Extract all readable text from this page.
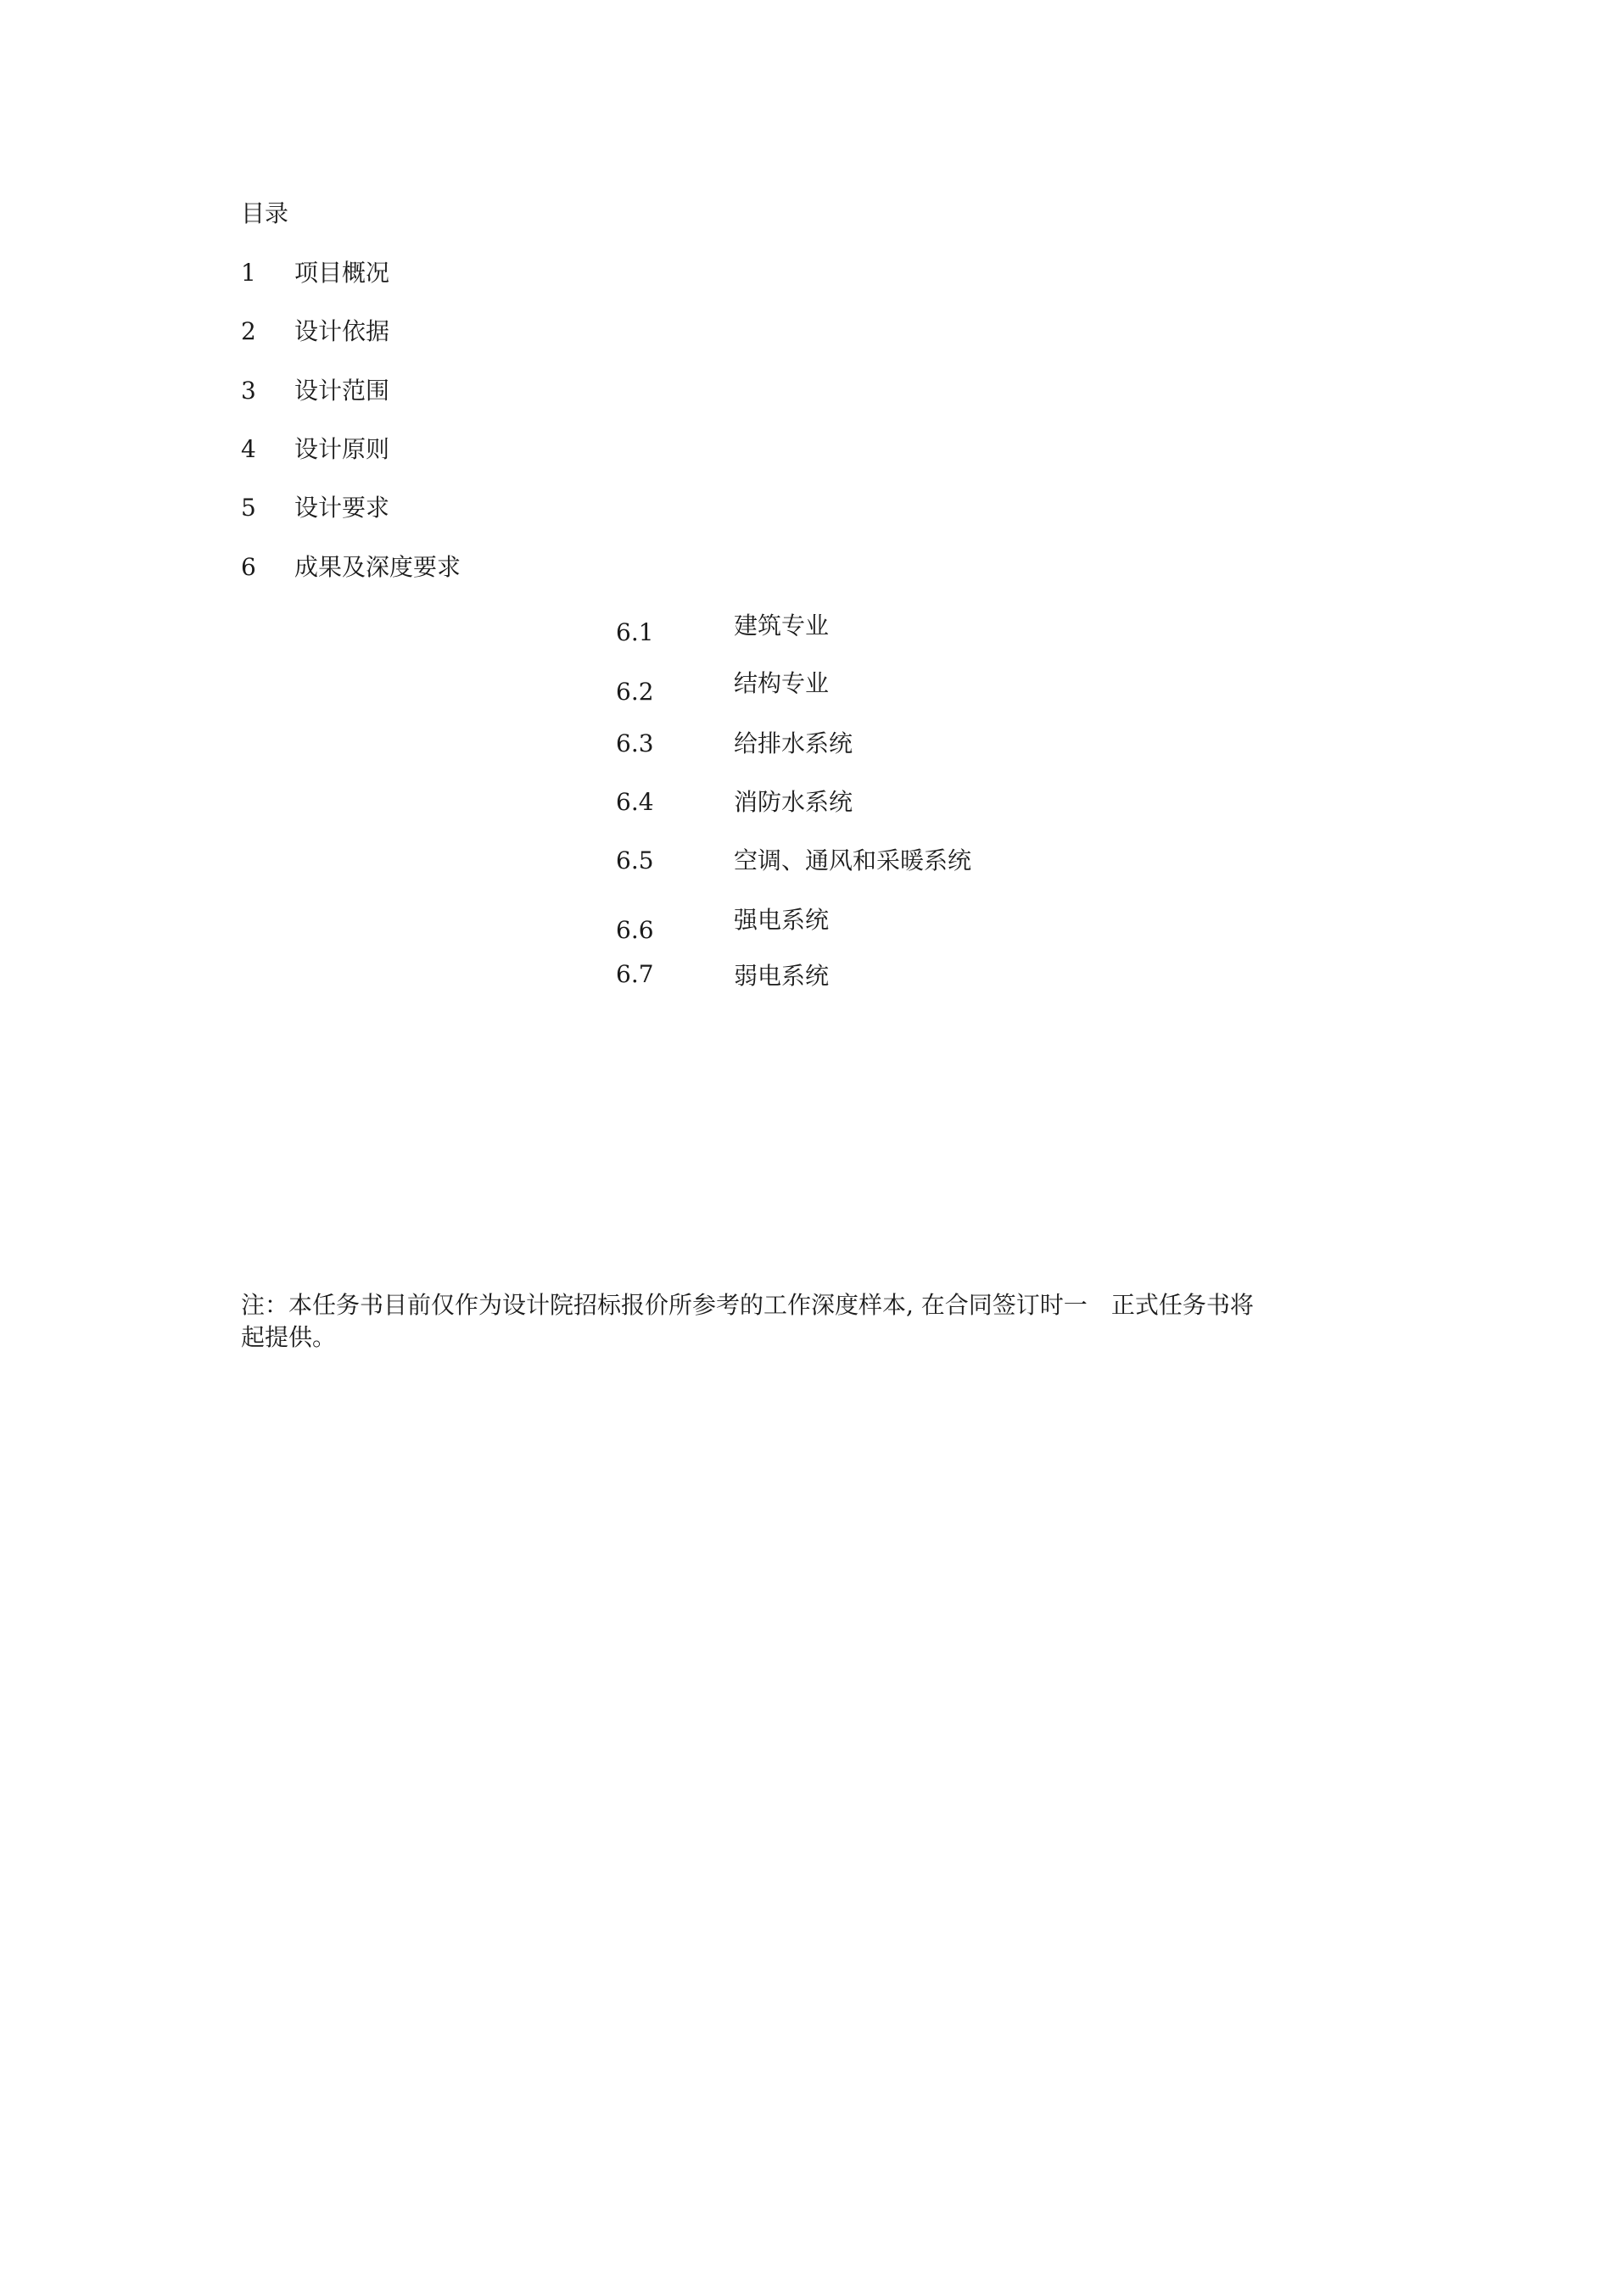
目录
1 项目概况
2 设计依据
3 设计范围
4 设计原则
5 设计要求
6 成果及深度要求
6.1	建筑专业
6.2	结构专业
6.3	给排水系统
6.4	消防水系统
6.5	空调、通风和采暖系统
6.6	强电系统
6.7	弱电系统
注：本任务书目前仅作为设计院招标报价所参考的工作深度样本, 在合同签订时一 正式任务书将
起提供。
